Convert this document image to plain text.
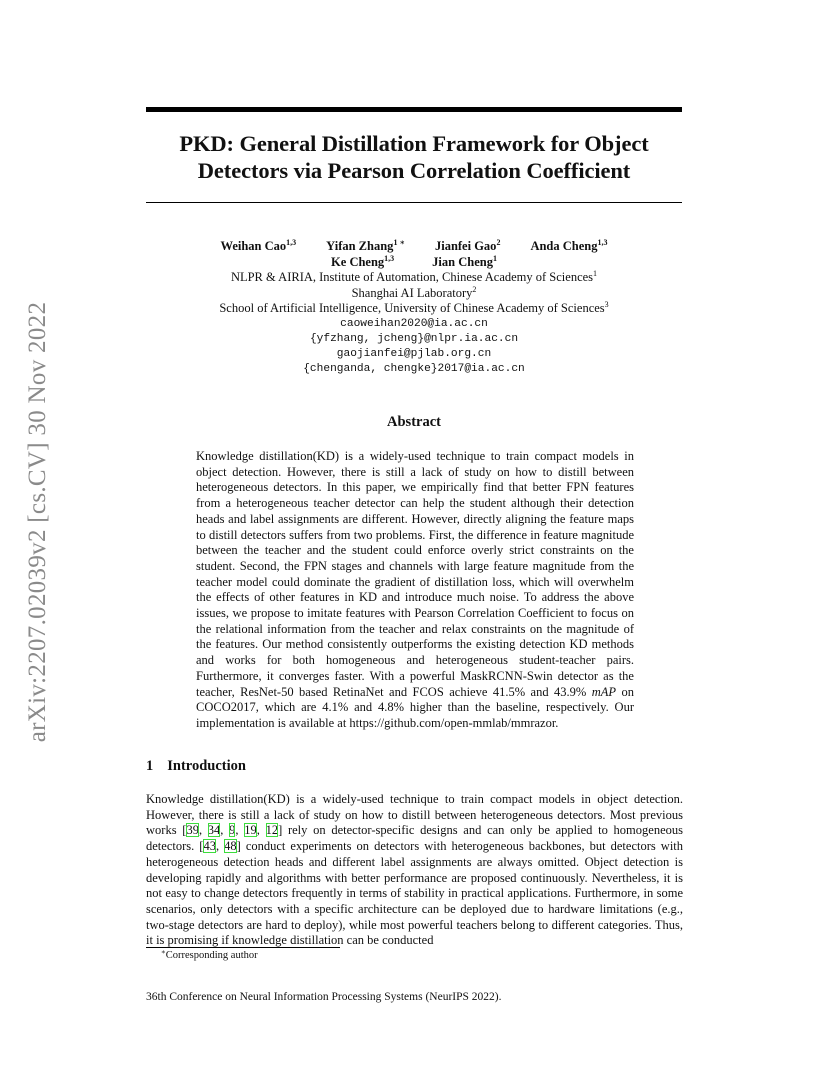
arXiv:2207.02039v2 [cs.CV] 30 Nov 2022
PKD: General Distillation Framework for Object
Detectors via Pearson Correlation Coefficient
Weihan Cao$^{1,3}$ Yifan Zhang$^{1 ∗}$ Jianfei Gao$^2$ Anda Cheng$^{1,3}$
Ke Cheng$^{1,3}$	Jian Cheng$^1$
NLPR & AIRIA, Institute of Automation, Chinese Academy of Sciences$^1$
Shanghai AI Laboratory$^2$
School of Artificial Intelligence, University of Chinese Academy of Sciences$^3$
caoweihan2020@ia.ac.cn
{yfzhang, jcheng}@nlpr.ia.ac.cn
gaojianfei@pjlab.org.cn
{chenganda, chengke}2017@ia.ac.cn
Abstract
Knowledge distillation(KD) is a widely-used technique to train compact models in object detection. However, there is still a lack of study on how to distill between heterogeneous detectors. In this paper, we empirically find that better FPN features from a heterogeneous teacher detector can help the student although their detection heads and label assignments are different. However, directly aligning the feature maps to distill detectors suffers from two problems. First, the difference in feature magnitude between the teacher and the student could enforce overly strict constraints on the student. Second, the FPN stages and channels with large feature magnitude from the teacher model could dominate the gradient of distillation loss, which will overwhelm the effects of other features in KD and introduce much noise. To address the above issues, we propose to imitate features with Pearson Correlation Coefficient to focus on the relational information from the teacher and relax constraints on the magnitude of the features. Our method consistently outperforms the existing detection KD methods and works for both homogeneous and heterogeneous student-teacher pairs. Furthermore, it converges faster. With a powerful MaskRCNN-Swin detector as the teacher, ResNet-50 based RetinaNet and FCOS achieve 41.5% and 43.9% mAP on COCO2017, which are 4.1% and 4.8% higher than the baseline, respectively. Our implementation is available at https://github.com/open-mmlab/mmrazor.
1 Introduction
Knowledge distillation(KD) is a widely-used technique to train compact models in object detection. However, there is still a lack of study on how to distill between heterogeneous detectors. Most previous works [39, 34, 9, 19, 12] rely on detector-specific designs and can only be applied to homogeneous detectors. [43, 48] conduct experiments on detectors with heterogeneous backbones, but detectors with heterogeneous detection heads and different label assignments are always omitted. Object detection is developing rapidly and algorithms with better performance are proposed continuously. Nevertheless, it is not easy to change detectors frequently in terms of stability in practical applications. Furthermore, in some scenarios, only detectors with a specific architecture can be deployed due to hardware limitations (e.g., two-stage detectors are hard to deploy), while most powerful teachers belong to different categories. Thus, it is promising if knowledge distillation can be conducted
∗Corresponding author
36th Conference on Neural Information Processing Systems (NeurIPS 2022).
